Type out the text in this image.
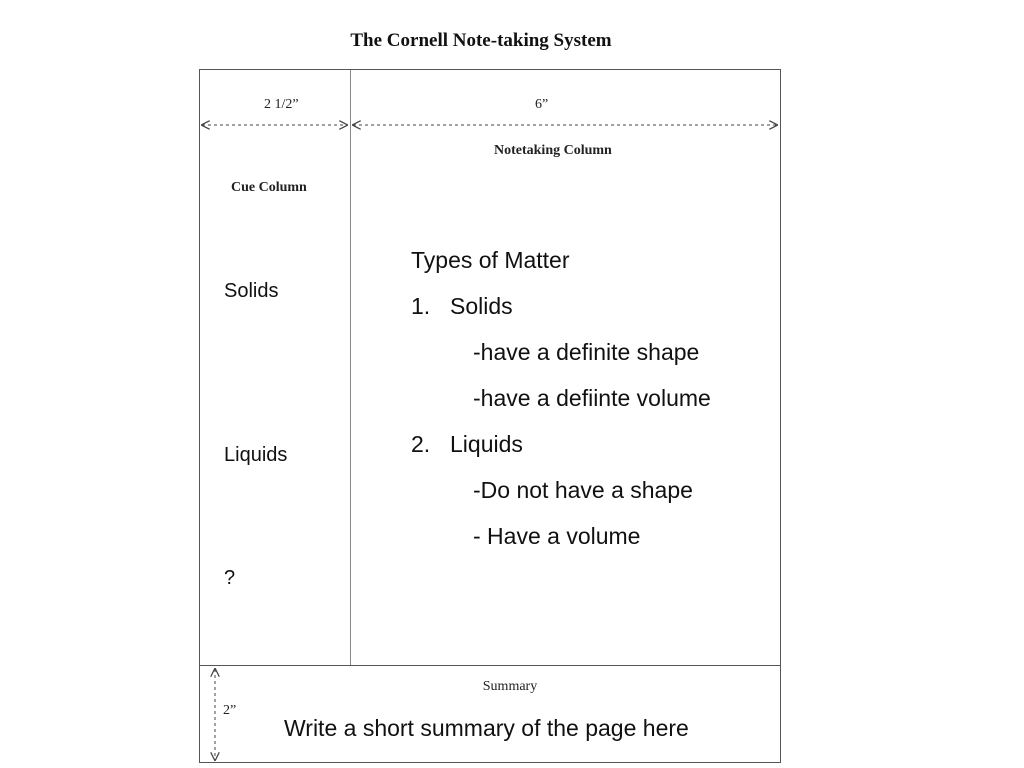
The Cornell Note-taking System
2 1/2”	6”
2”
Cue Column
Notetaking Column
Solids
Liquids
?
Types of Matter
1. Solids
-have a definite shape
-have a defiinte volume
2. Liquids
-Do not have a shape
- Have a volume
Summary
Write a short summary of the page here
